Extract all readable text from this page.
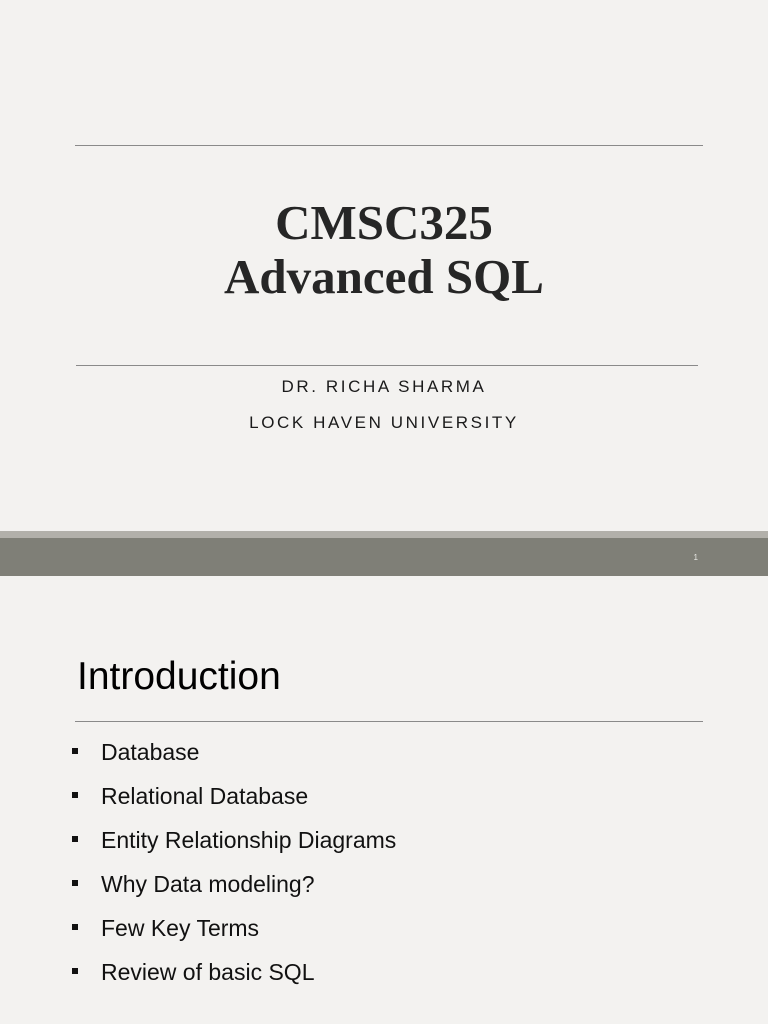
CMSC325
Advanced SQL
DR. RICHA SHARMA
LOCK HAVEN UNIVERSITY
1
Introduction
Database
Relational Database
Entity Relationship Diagrams
Why Data modeling?
Few Key Terms
Review of basic SQL
